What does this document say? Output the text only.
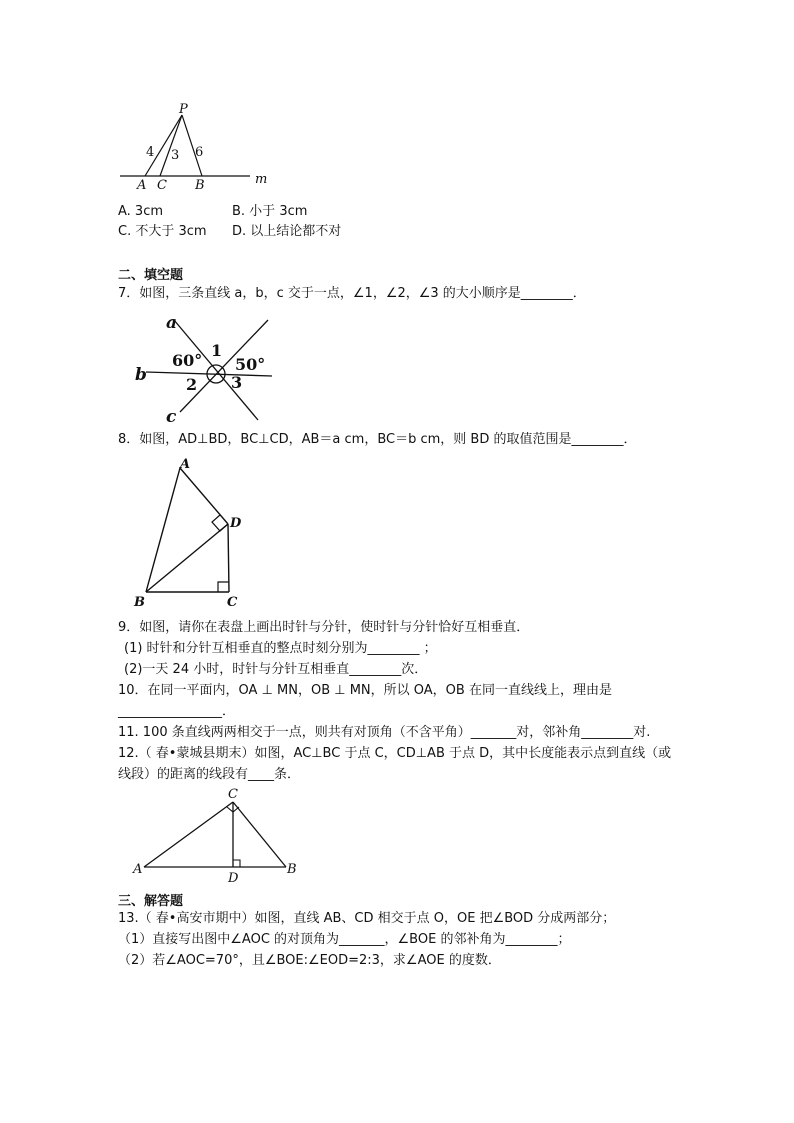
P
4 3 6
A C B	m
A. 3cm	B. 小于 3cm
C. 不大于 3cm D. 以上结论都不对
二、填空题
7．如图，三条直线 a，b，c 交于一点，∠1，∠2，∠3 的大小顺序是________．
a
b
c
1
60° 50°
2 3
8．如图，AD⊥BD，BC⊥CD，AB＝a cm，BC＝b cm，则 BD 的取值范围是________．
A
B	C
D
9．如图，请你在表盘上画出时针与分针，使时针与分针恰好互相垂直．
(1) 时针和分针互相垂直的整点时刻分别为________ ；
(2)一天 24 小时，时针与分针互相垂直________次．
10．在同一平面内，OA ⊥ MN，OB ⊥ MN，所以 OA，OB 在同一直线线上，理由是
________________．
11. 100 条直线两两相交于一点，则共有对顶角（不含平角）_______对，邻补角________对.
12.（ 春•蒙城县期末）如图，AC⊥BC 于点 C，CD⊥AB 于点 D，其中长度能表示点到直线（或
线段）的距离的线段有____条．
C
A	B
D
三、解答题
13.（ 春•高安市期中）如图，直线 AB、CD 相交于点 O，OE 把∠BOD 分成两部分；
（1）直接写出图中∠AOC 的对顶角为_______，∠BOE 的邻补角为________；
（2）若∠AOC=70°，且∠BOE:∠EOD=2:3，求∠AOE 的度数．
